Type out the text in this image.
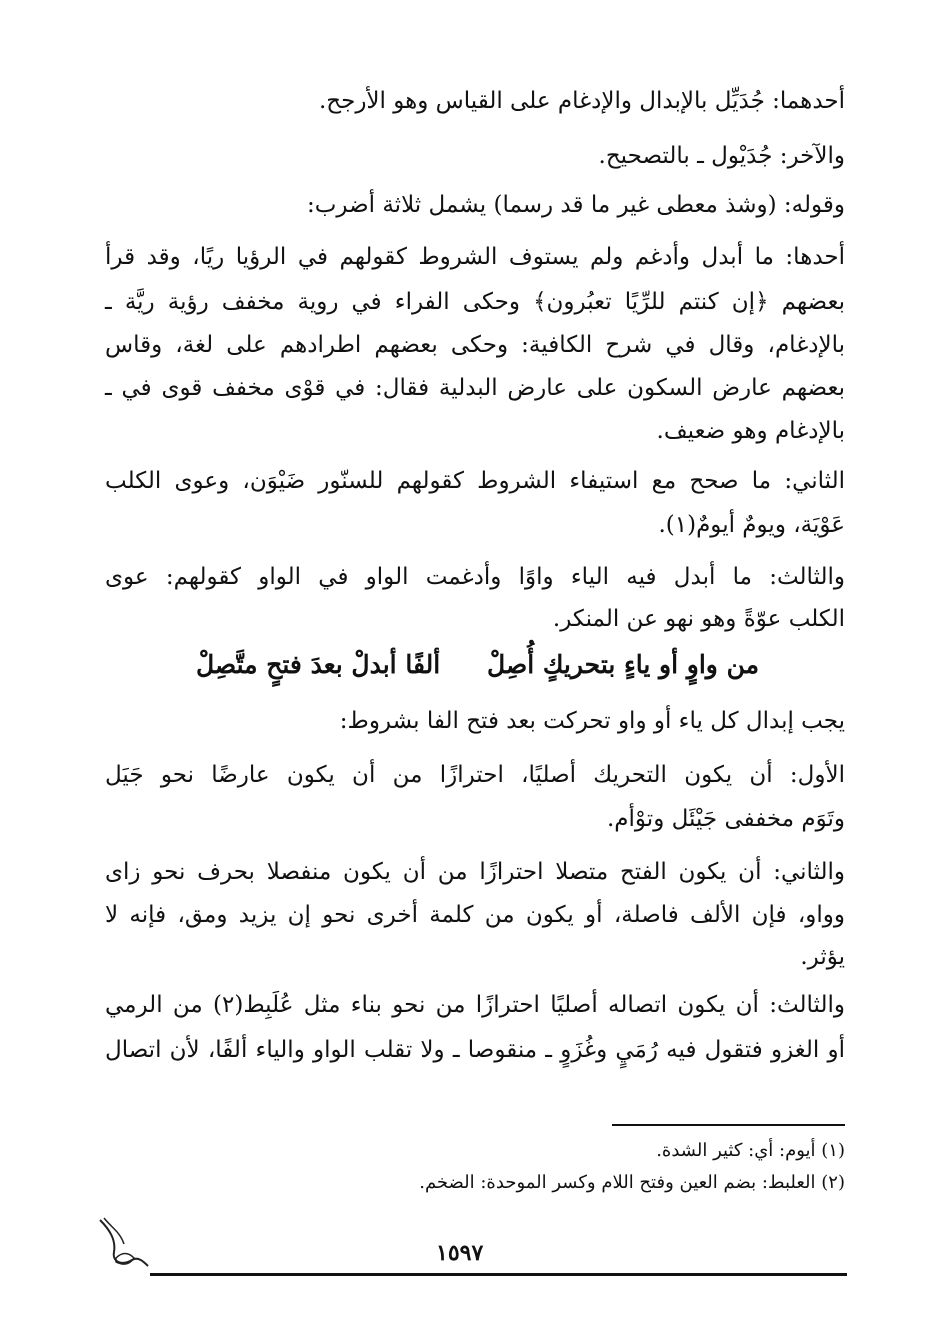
أحدهما: جُدَيِّل بالإبدال والإدغام على القياس وهو الأرجح.
والآخر: جُدَيْول ـ بالتصحيح.
وقوله: (وشذ معطى غير ما قد رسما) يشمل ثلاثة أضرب:
أحدها: ما أبدل وأدغم ولم يستوف الشروط كقولهم في الرؤيا ريًا، وقد قرأ
بعضهم ﴿إن كنتم للرِّيًا تعبُرون﴾ وحكى الفراء في روية مخفف رؤية ريَّة ـ
بالإدغام، وقال في شرح الكافية: وحكى بعضهم اطرادهم على لغة، وقاس
بعضهم عارض السكون على عارض البدلية فقال: في قوْى مخفف قوى في ـ
بالإدغام وهو ضعيف.
الثاني: ما صحح مع استيفاء الشروط كقولهم للسنّور ضَيْوَن، وعوى الكلب
عَوْيَة، ويومٌ أيومٌ(١).
والثالث: ما أبدل فيه الياء واوًا وأدغمت الواو في الواو كقولهم: عوى
الكلب عوّةً وهو نهو عن المنكر.
من واوٍ أو ياءٍ بتحريكٍ أُصِلْ
ألفًا أبدلْ بعدَ فتحٍ متَّصِلْ
يجب إبدال كل ياء أو واو تحركت بعد فتح الفا بشروط:
الأول: أن يكون التحريك أصليًا، احترازًا من أن يكون عارضًا نحو جَيَل
وتَوَم مخففى جَيْئَل وتوْأم.
والثاني: أن يكون الفتح متصلا احترازًا من أن يكون منفصلا بحرف نحو زاى
وواو، فإن الألف فاصلة، أو يكون من كلمة أخرى نحو إن يزيد ومق، فإنه لا
يؤثر.
والثالث: أن يكون اتصاله أصليًا احترازًا من نحو بناء مثل عُلَبِط(٢) من الرمي
أو الغزو فتقول فيه رُمَيٍ وغُزَوٍ ـ منقوصا ـ ولا تقلب الواو والياء ألفًا، لأن اتصال
(١) أيوم: أي: كثير الشدة.
(٢) العلبط: بضم العين وفتح اللام وكسر الموحدة: الضخم.
١٥٩٧
